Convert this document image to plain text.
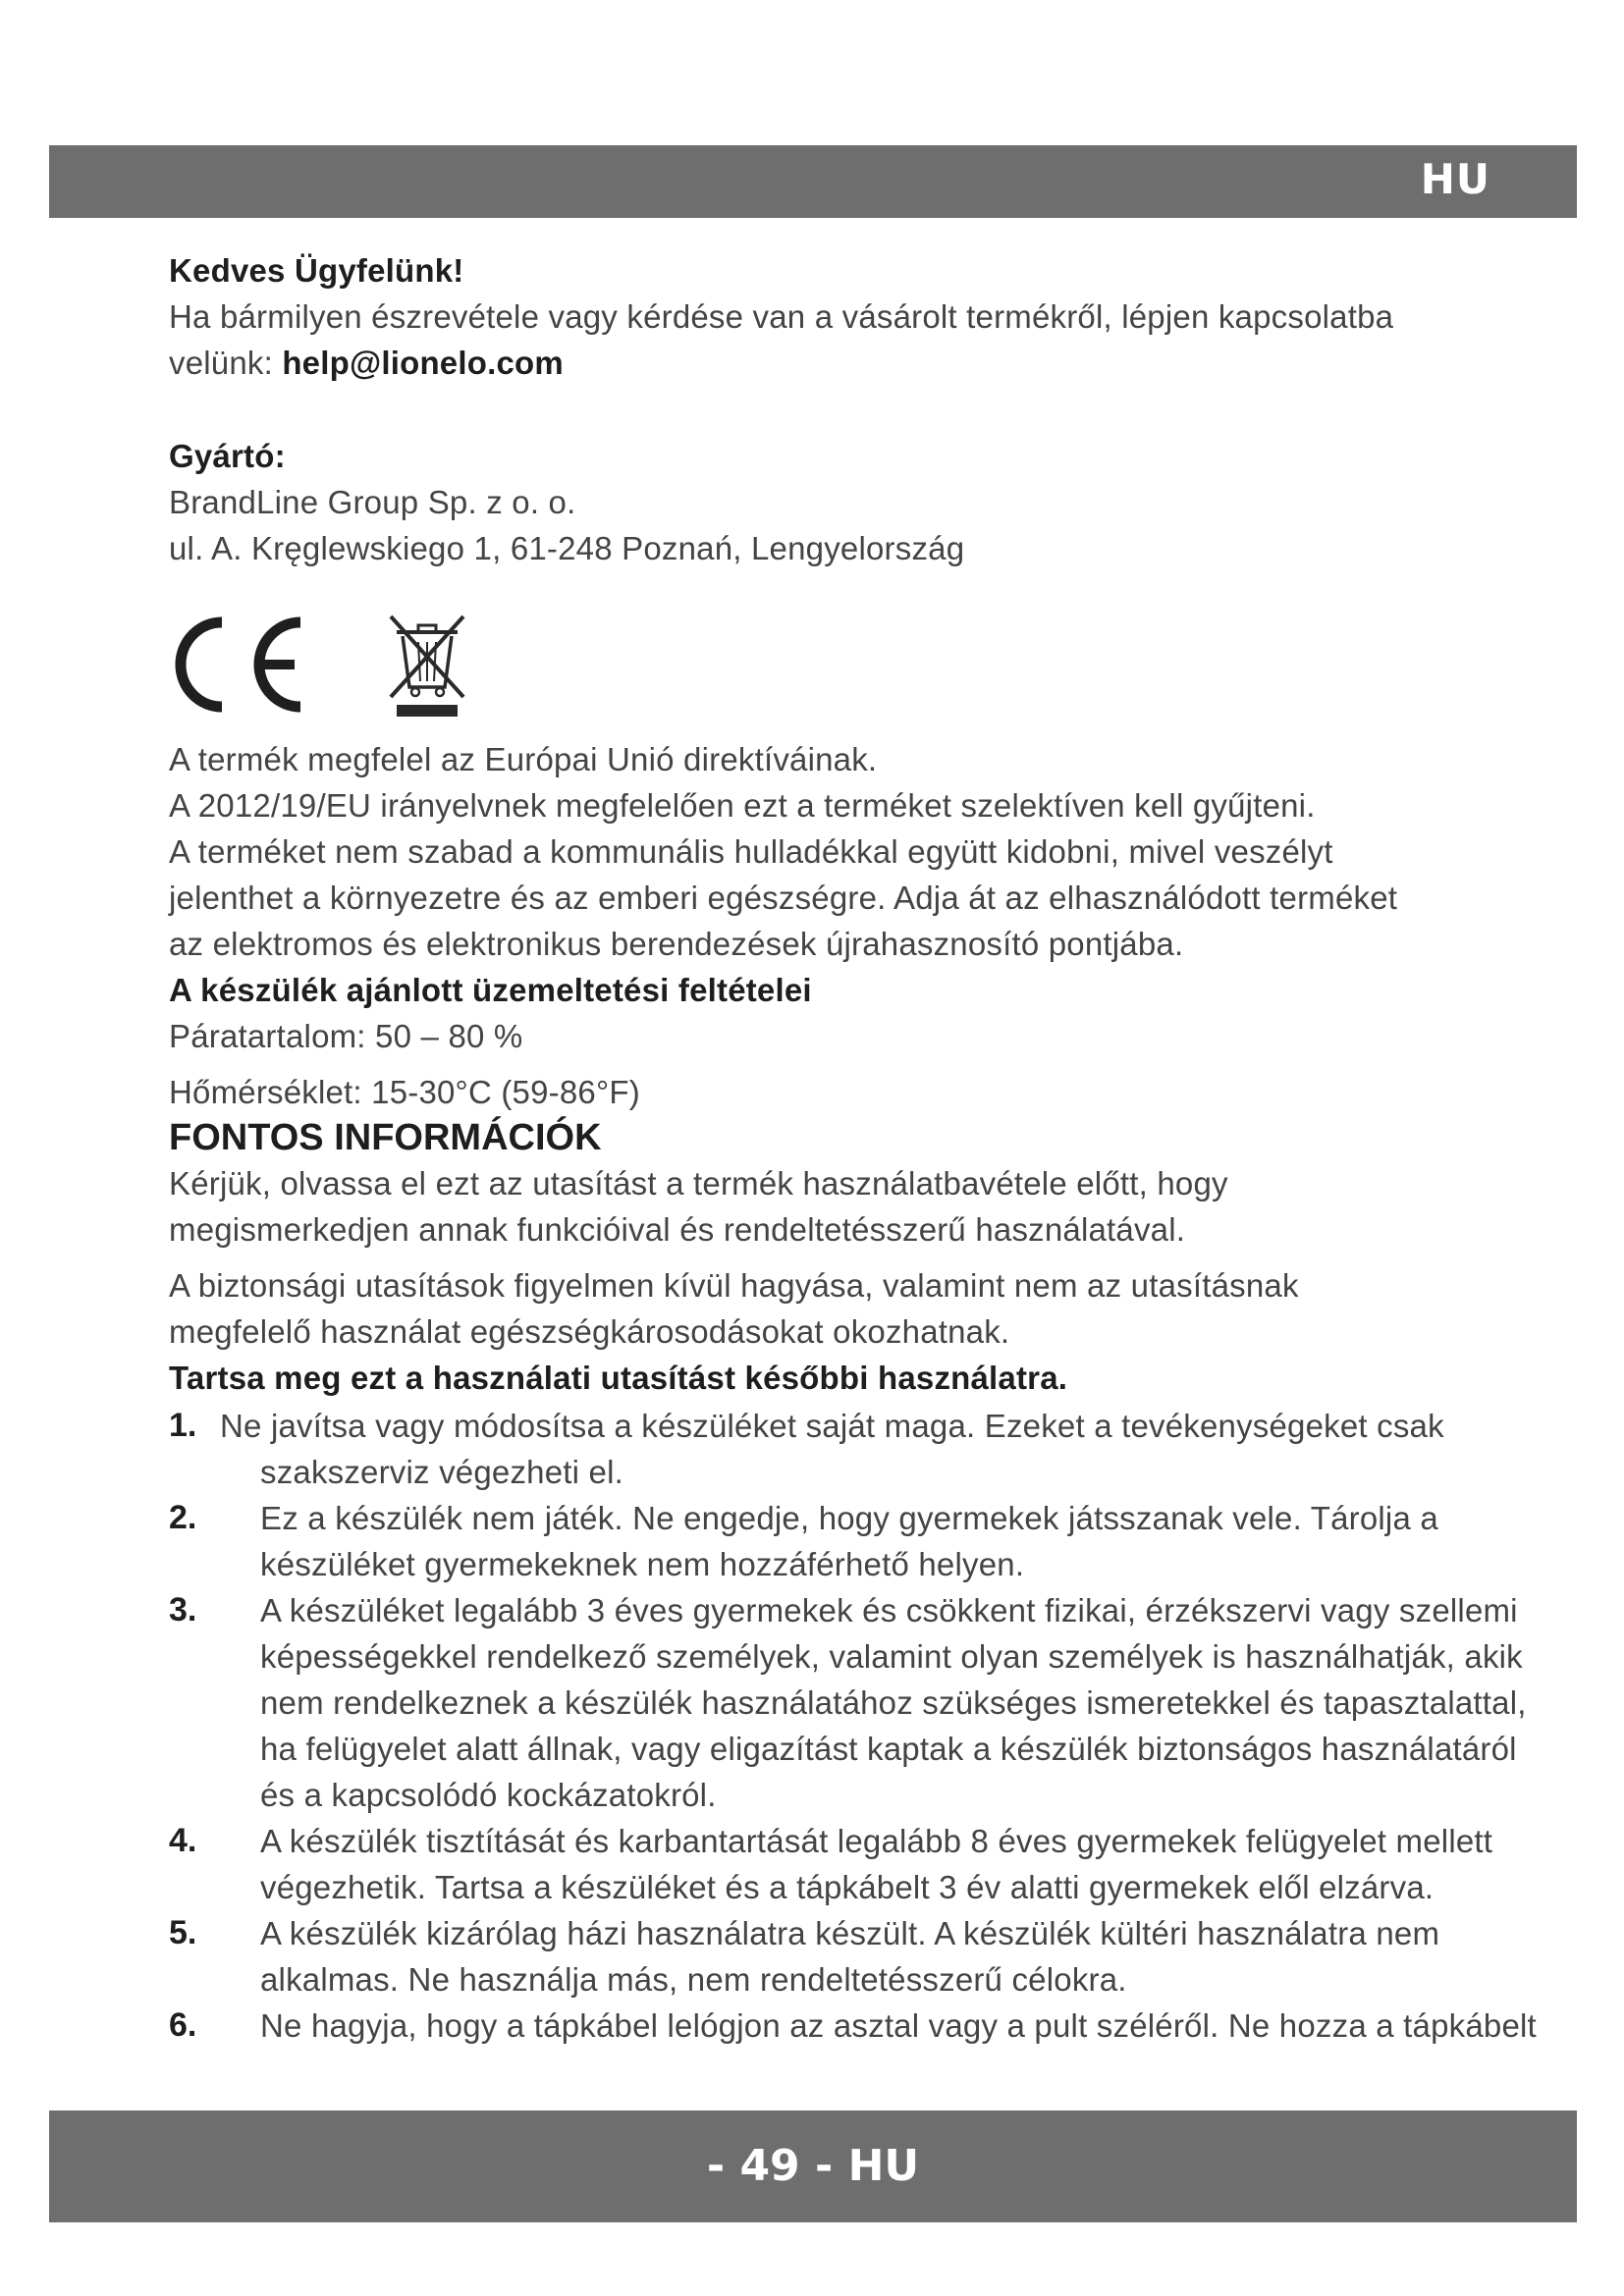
HU
Kedves Ügyfelünk!
Ha bármilyen észrevétele vagy kérdése van a vásárolt termékről, lépjen kapcsolatba
velünk: help@lionelo.com
Gyártó:
BrandLine Group Sp. z o. o.
ul. A. Kręglewskiego 1, 61-248 Poznań, Lengyelország
A termék megfelel az Európai Unió direktíváinak.
A 2012/19/EU irányelvnek megfelelően ezt a terméket szelektíven kell gyűjteni.
A terméket nem szabad a kommunális hulladékkal együtt kidobni, mivel veszélyt
jelenthet a környezetre és az emberi egészségre. Adja át az elhasználódott terméket
az elektromos és elektronikus berendezések újrahasznosító pontjába.
A készülék ajánlott üzemeltetési feltételei
Páratartalom: 50 – 80 %
Hőmérséklet: 15-30°C (59-86°F)
FONTOS INFORMÁCIÓK
Kérjük, olvassa el ezt az utasítást a termék használatbavétele előtt, hogy
megismerkedjen annak funkcióival és rendeltetésszerű használatával.
A biztonsági utasítások figyelmen kívül hagyása, valamint nem az utasításnak
megfelelő használat egészségkárosodásokat okozhatnak.
Tartsa meg ezt a használati utasítást későbbi használatra.
1. Ne javítsa vagy módosítsa a készüléket saját maga. Ezeket a tevékenységeket csak
szakszerviz végezheti el.
2.	Ez a készülék nem játék. Ne engedje, hogy gyermekek játsszanak vele. Tárolja a
készüléket gyermekeknek nem hozzáférhető helyen.
3.	A készüléket legalább 3 éves gyermekek és csökkent fizikai, érzékszervi vagy szellemi
képességekkel rendelkező személyek, valamint olyan személyek is használhatják, akik
nem rendelkeznek a készülék használatához szükséges ismeretekkel és tapasztalattal,
ha felügyelet alatt állnak, vagy eligazítást kaptak a készülék biztonságos használatáról
és a kapcsolódó kockázatokról.
4.	A készülék tisztítását és karbantartását legalább 8 éves gyermekek felügyelet mellett
végezhetik. Tartsa a készüléket és a tápkábelt 3 év alatti gyermekek elől elzárva.
5.	A készülék kizárólag házi használatra készült. A készülék kültéri használatra nem
alkalmas. Ne használja más, nem rendeltetésszerű célokra.
6.	Ne hagyja, hogy a tápkábel lelógjon az asztal vagy a pult széléről. Ne hozza a tápkábelt
- 49 - HU
